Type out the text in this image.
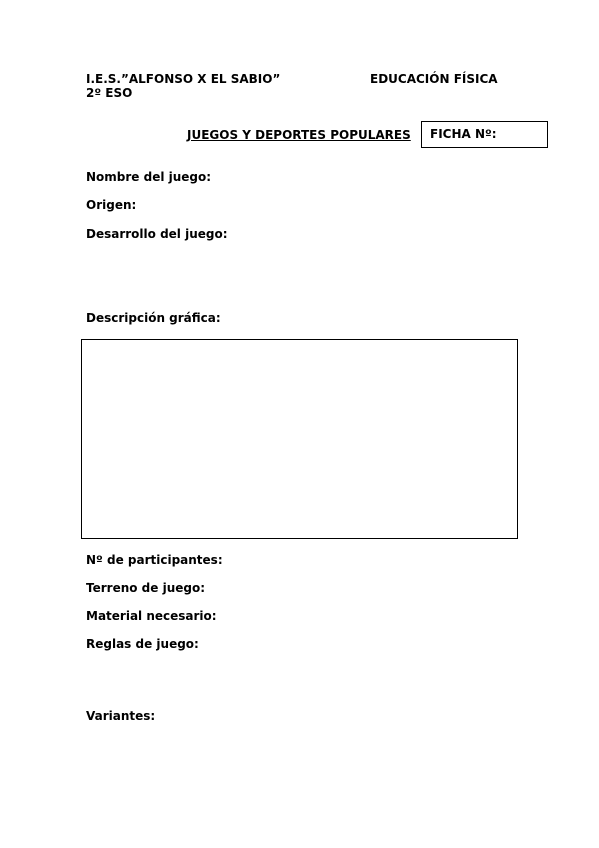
I.E.S.”ALFONSO X EL SABIO”	EDUCACIÓN FÍSICA
2º ESO
JUEGOS Y DEPORTES POPULARES FICHA Nº:
Nombre del juego:
Origen:
Desarrollo del juego:
Descripción gráfica:
Nº de participantes:
Terreno de juego:
Material necesario:
Reglas de juego:
Variantes:
